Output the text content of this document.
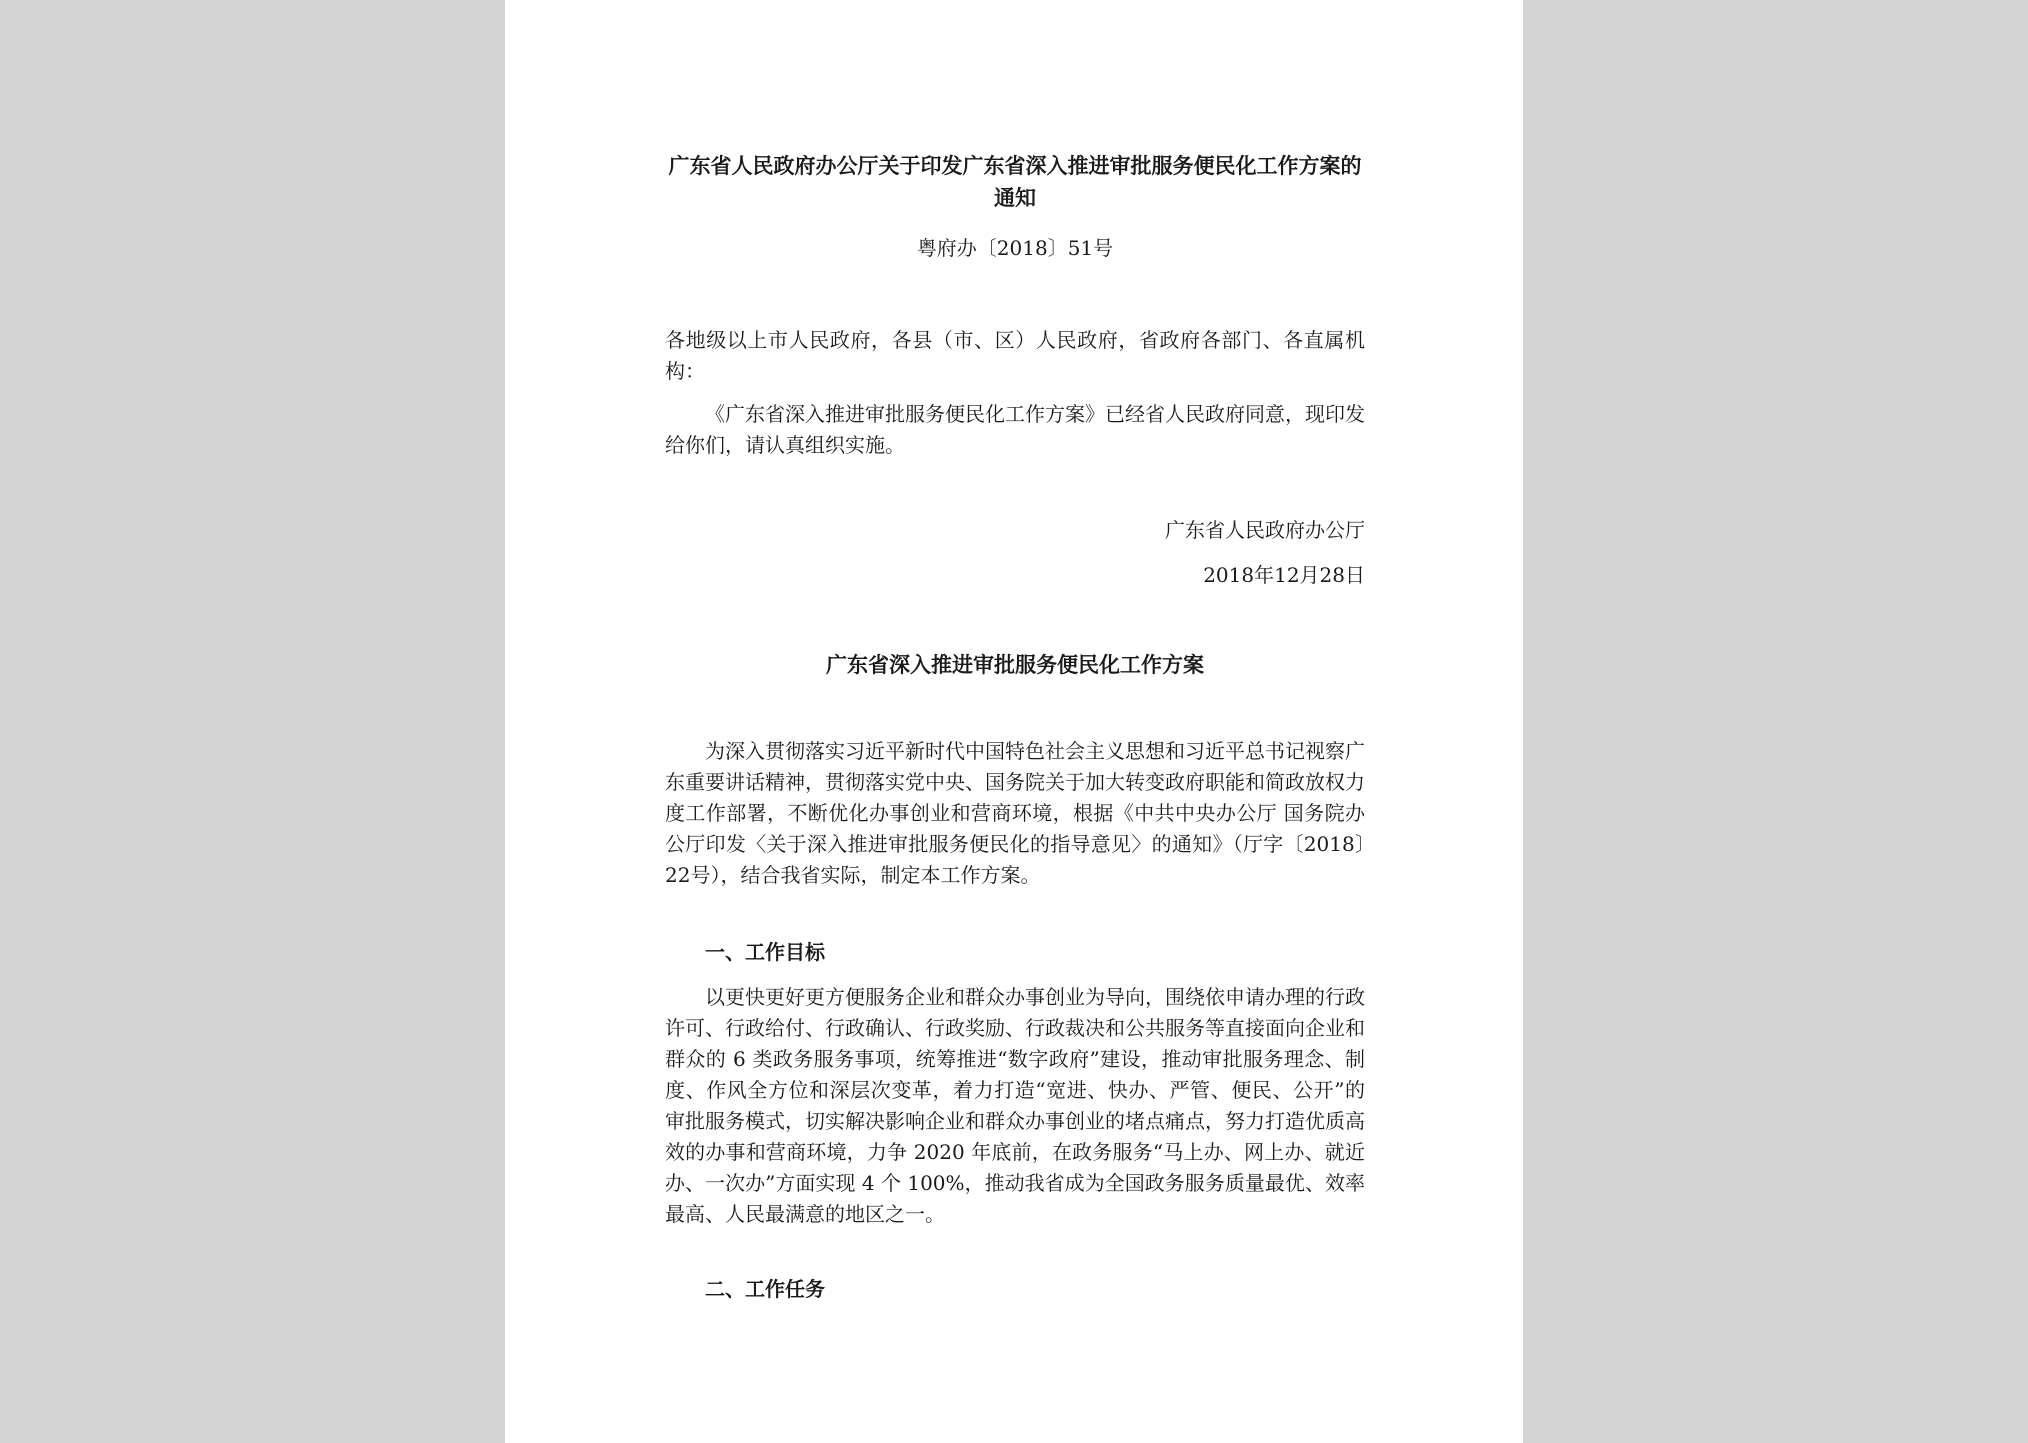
广东省人民政府办公厅关于印发广东省深入推进审批服务便民化工作方案的通知

粤府办〔2018〕51号

各地级以上市人民政府，各县（市、区）人民政府，省政府各部门、各直属机构：

《广东省深入推进审批服务便民化工作方案》已经省人民政府同意，现印发给你们，请认真组织实施。

广东省人民政府办公厅

2018年12月28日

广东省深入推进审批服务便民化工作方案

为深入贯彻落实习近平新时代中国特色社会主义思想和习近平总书记视察广东重要讲话精神，贯彻落实党中央、国务院关于加大转变政府职能和简政放权力度工作部署，不断优化办事创业和营商环境，根据《中共中央办公厅 国务院办公厅印发〈关于深入推进审批服务便民化的指导意见〉的通知》（厅字〔2018〕22号），结合我省实际，制定本工作方案。

一、工作目标

以更快更好更方便服务企业和群众办事创业为导向，围绕依申请办理的行政许可、行政给付、行政确认、行政奖励、行政裁决和公共服务等直接面向企业和群众的 6 类政务服务事项，统筹推进“数字政府”建设，推动审批服务理念、制度、作风全方位和深层次变革，着力打造“宽进、快办、严管、便民、公开”的审批服务模式，切实解决影响企业和群众办事创业的堵点痛点，努力打造优质高效的办事和营商环境，力争 2020 年底前，在政务服务“马上办、网上办、就近办、一次办”方面实现 4 个 100%，推动我省成为全国政务服务质量最优、效率最高、人民最满意的地区之一。

二、工作任务
